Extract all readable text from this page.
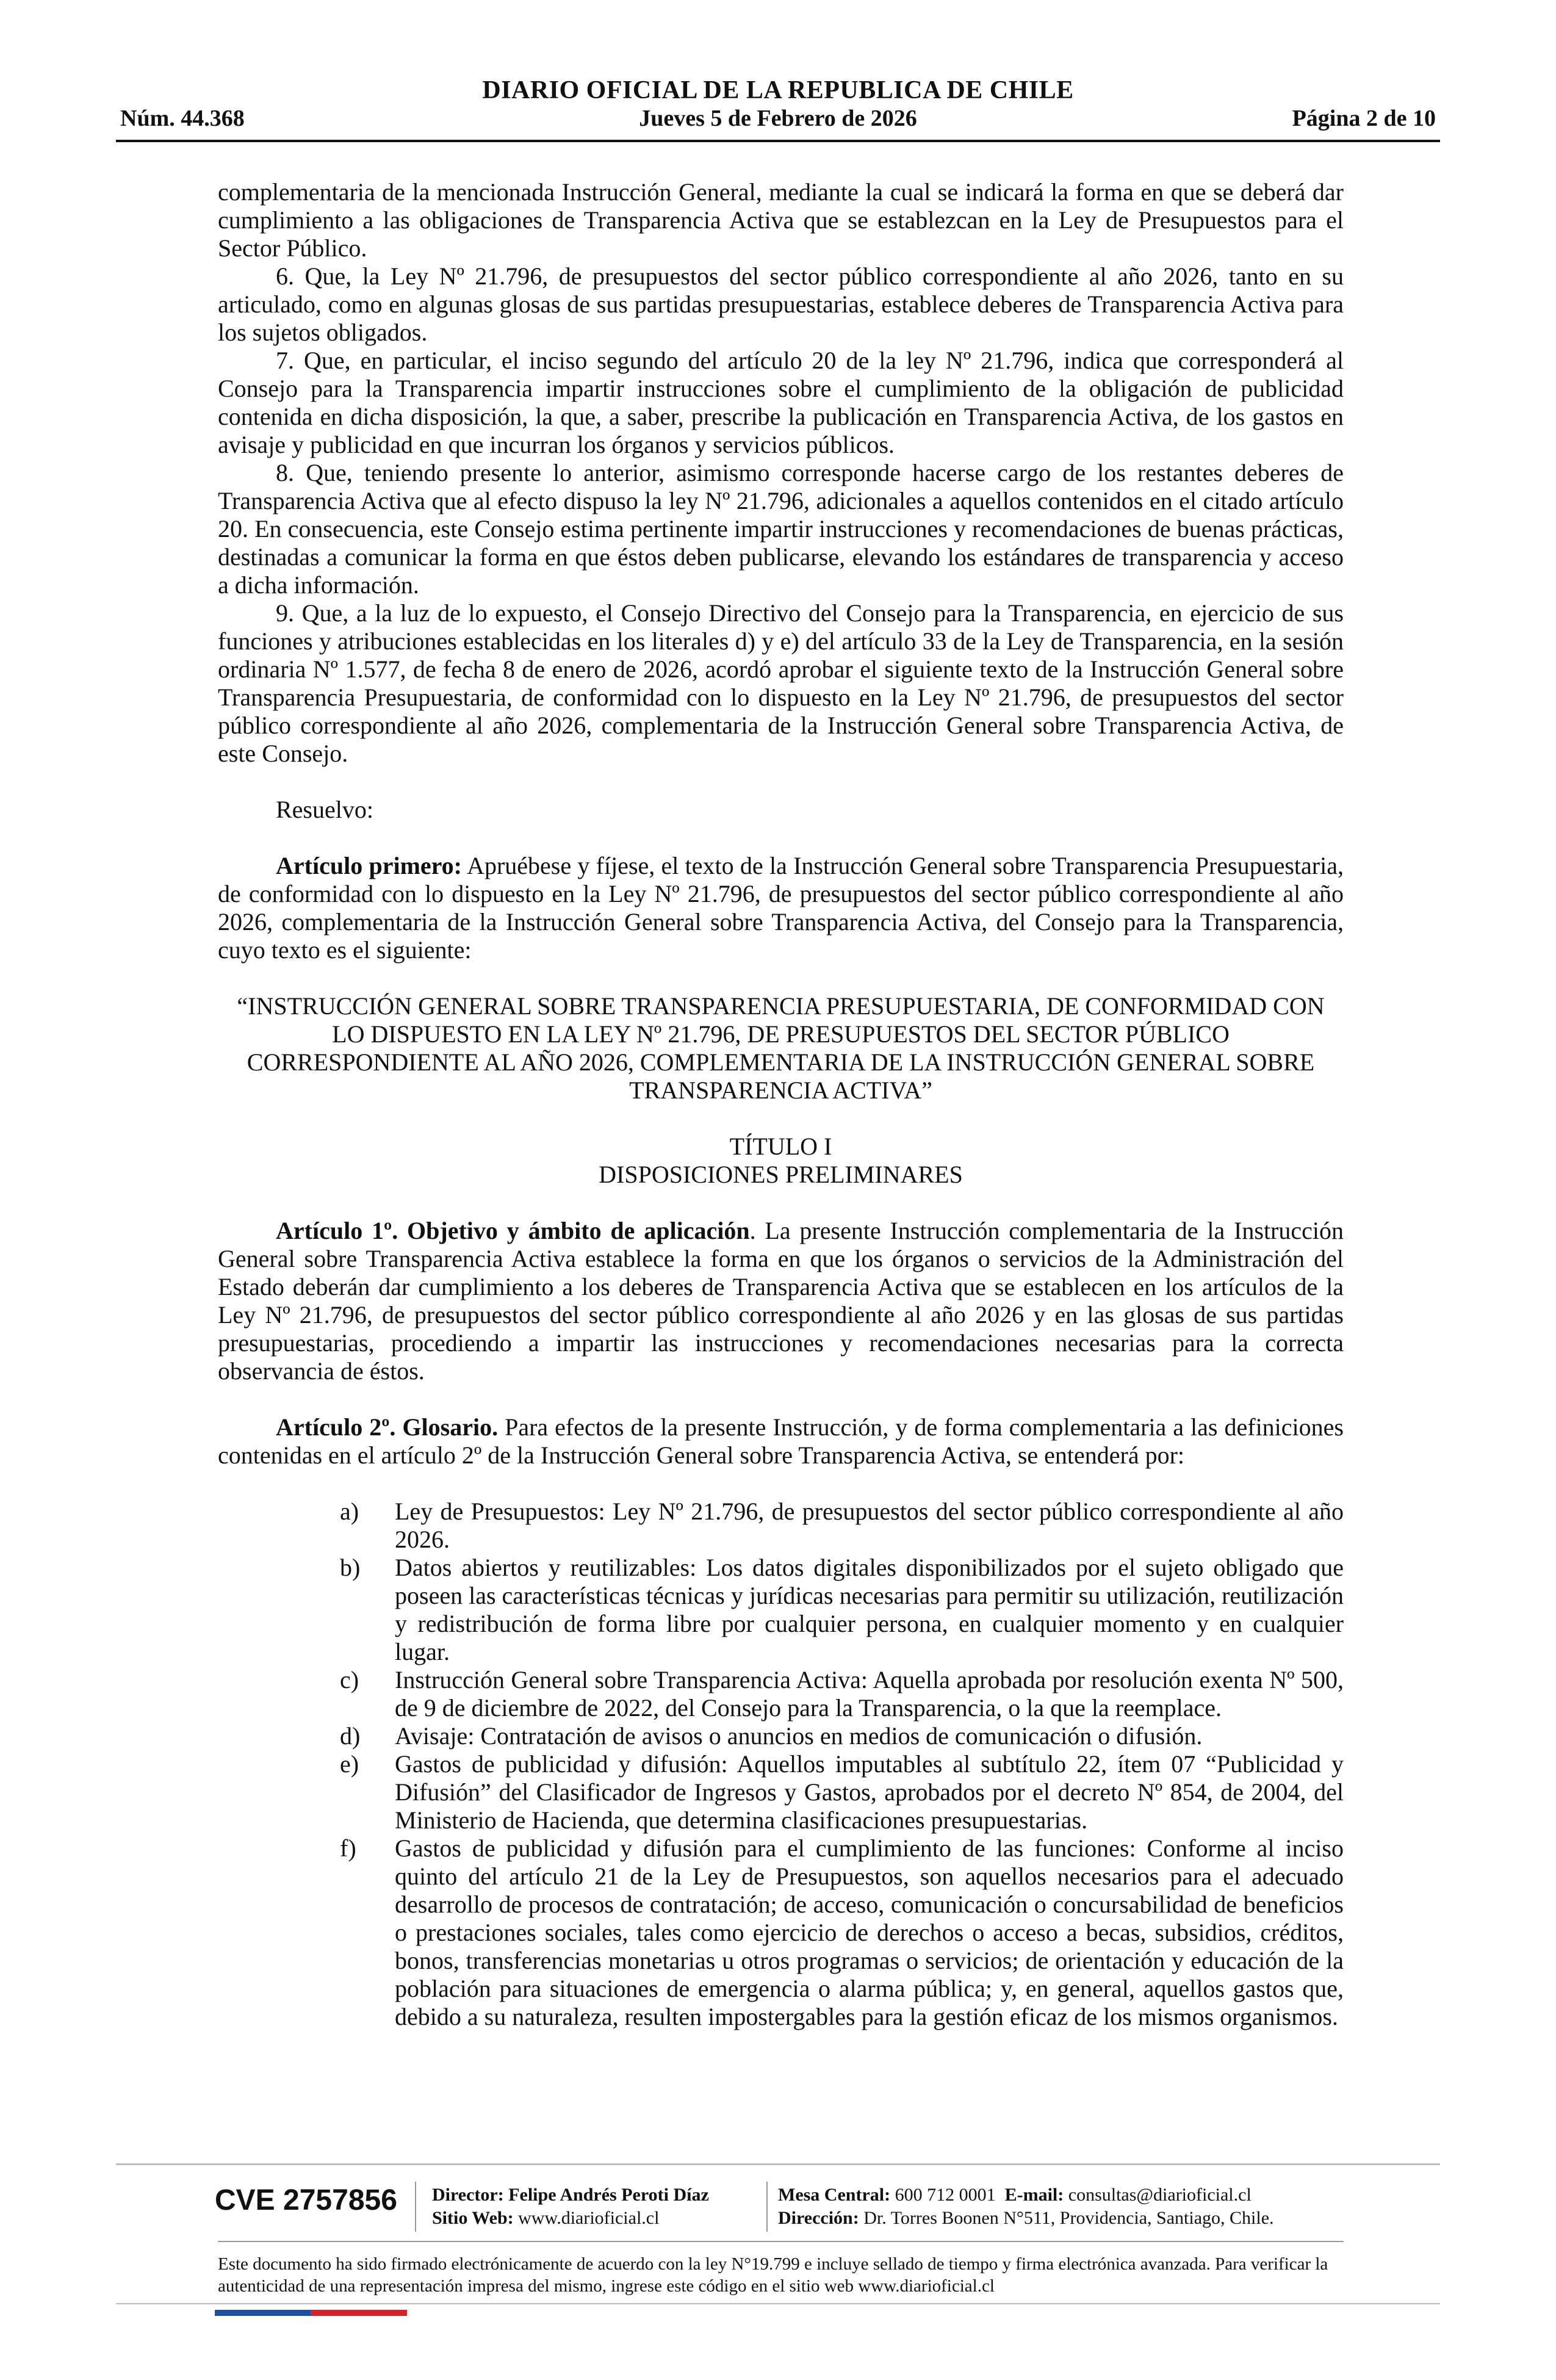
DIARIO OFICIAL DE LA REPUBLICA DE CHILE
Núm. 44.368	Jueves 5 de Febrero de 2026	Página 2 de 10

complementaria de la mencionada Instrucción General, mediante la cual se indicará la forma en que se deberá dar cumplimiento a las obligaciones de Transparencia Activa que se establezcan en la Ley de Presupuestos para el Sector Público.

6. Que, la Ley Nº 21.796, de presupuestos del sector público correspondiente al año 2026, tanto en su articulado, como en algunas glosas de sus partidas presupuestarias, establece deberes de Transparencia Activa para los sujetos obligados.

7. Que, en particular, el inciso segundo del artículo 20 de la ley Nº 21.796, indica que corresponderá al Consejo para la Transparencia impartir instrucciones sobre el cumplimiento de la obligación de publicidad contenida en dicha disposición, la que, a saber, prescribe la publicación en Transparencia Activa, de los gastos en avisaje y publicidad en que incurran los órganos y servicios públicos.

8. Que, teniendo presente lo anterior, asimismo corresponde hacerse cargo de los restantes deberes de Transparencia Activa que al efecto dispuso la ley Nº 21.796, adicionales a aquellos contenidos en el citado artículo 20. En consecuencia, este Consejo estima pertinente impartir instrucciones y recomendaciones de buenas prácticas, destinadas a comunicar la forma en que éstos deben publicarse, elevando los estándares de transparencia y acceso a dicha información.

9. Que, a la luz de lo expuesto, el Consejo Directivo del Consejo para la Transparencia, en ejercicio de sus funciones y atribuciones establecidas en los literales d) y e) del artículo 33 de la Ley de Transparencia, en la sesión ordinaria Nº 1.577, de fecha 8 de enero de 2026, acordó aprobar el siguiente texto de la Instrucción General sobre Transparencia Presupuestaria, de conformidad con lo dispuesto en la Ley Nº 21.796, de presupuestos del sector público correspondiente al año 2026, complementaria de la Instrucción General sobre Transparencia Activa, de este Consejo.

Resuelvo:

Artículo primero: Apruébese y fíjese, el texto de la Instrucción General sobre Transparencia Presupuestaria, de conformidad con lo dispuesto en la Ley Nº 21.796, de presupuestos del sector público correspondiente al año 2026, complementaria de la Instrucción General sobre Transparencia Activa, del Consejo para la Transparencia, cuyo texto es el siguiente:

“INSTRUCCIÓN GENERAL SOBRE TRANSPARENCIA PRESUPUESTARIA, DE CONFORMIDAD CON LO DISPUESTO EN LA LEY Nº 21.796, DE PRESUPUESTOS DEL SECTOR PÚBLICO CORRESPONDIENTE AL AÑO 2026, COMPLEMENTARIA DE LA INSTRUCCIÓN GENERAL SOBRE TRANSPARENCIA ACTIVA”

TÍTULO I

DISPOSICIONES PRELIMINARES

Artículo 1º. Objetivo y ámbito de aplicación. La presente Instrucción complementaria de la Instrucción General sobre Transparencia Activa establece la forma en que los órganos o servicios de la Administración del Estado deberán dar cumplimiento a los deberes de Transparencia Activa que se establecen en los artículos de la Ley Nº 21.796, de presupuestos del sector público correspondiente al año 2026 y en las glosas de sus partidas presupuestarias, procediendo a impartir las instrucciones y recomendaciones necesarias para la correcta observancia de éstos.

Artículo 2º. Glosario. Para efectos de la presente Instrucción, y de forma complementaria a las definiciones contenidas en el artículo 2º de la Instrucción General sobre Transparencia Activa, se entenderá por:

a) Ley de Presupuestos: Ley Nº 21.796, de presupuestos del sector público correspondiente al año 2026.
b) Datos abiertos y reutilizables: Los datos digitales disponibilizados por el sujeto obligado que poseen las características técnicas y jurídicas necesarias para permitir su utilización, reutilización y redistribución de forma libre por cualquier persona, en cualquier momento y en cualquier lugar.
c) Instrucción General sobre Transparencia Activa: Aquella aprobada por resolución exenta Nº 500, de 9 de diciembre de 2022, del Consejo para la Transparencia, o la que la reemplace.
d) Avisaje: Contratación de avisos o anuncios en medios de comunicación o difusión.
e) Gastos de publicidad y difusión: Aquellos imputables al subtítulo 22, ítem 07 “Publicidad y Difusión” del Clasificador de Ingresos y Gastos, aprobados por el decreto Nº 854, de 2004, del Ministerio de Hacienda, que determina clasificaciones presupuestarias.
f) Gastos de publicidad y difusión para el cumplimiento de las funciones: Conforme al inciso quinto del artículo 21 de la Ley de Presupuestos, son aquellos necesarios para el adecuado desarrollo de procesos de contratación; de acceso, comunicación o concursabilidad de beneficios o prestaciones sociales, tales como ejercicio de derechos o acceso a becas, subsidios, créditos, bonos, transferencias monetarias u otros programas o servicios; de orientación y educación de la población para situaciones de emergencia o alarma pública; y, en general, aquellos gastos que, debido a su naturaleza, resulten impostergables para la gestión eficaz de los mismos organismos.
CVE 2757856 Director: Felipe Andrés Peroti Díaz
Sitio Web: www.diarioficial.cl
Mesa Central: 600 712 0001 E-mail: consultas@diarioficial.cl
Dirección: Dr. Torres Boonen N°511, Providencia, Santiago, Chile.
Este documento ha sido firmado electrónicamente de acuerdo con la ley N°19.799 e incluye sellado de tiempo y firma electrónica avanzada. Para verificar la autenticidad de una representación impresa del mismo, ingrese este código en el sitio web www.diarioficial.cl
